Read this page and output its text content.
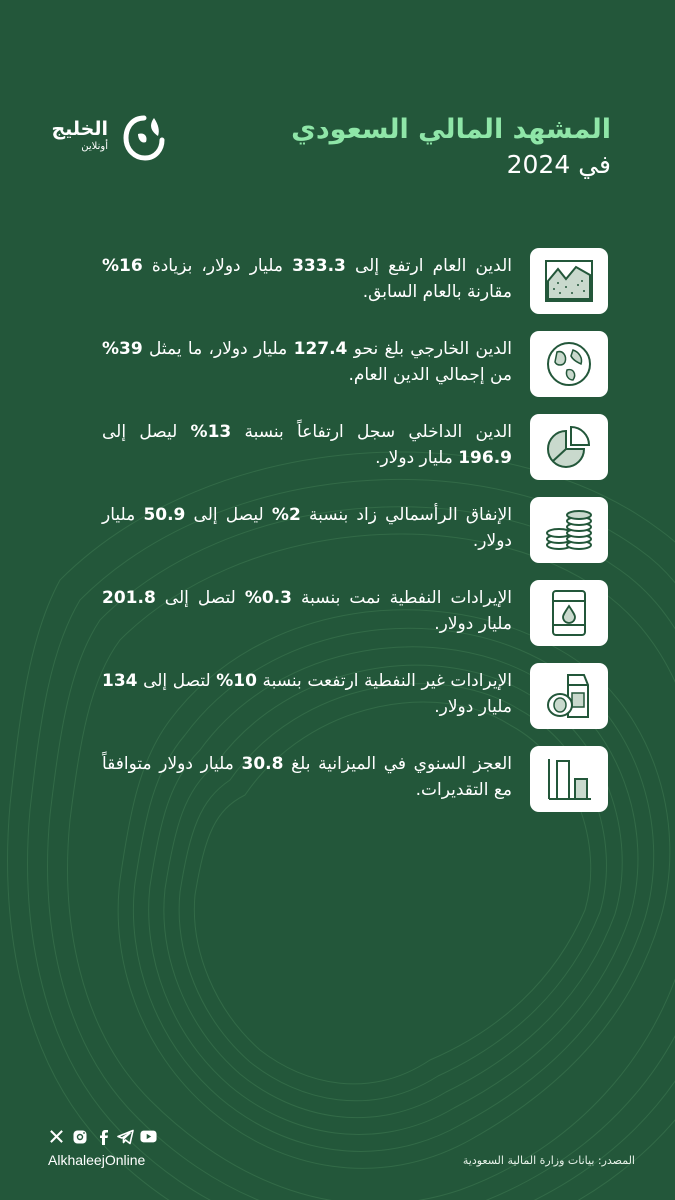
الخليج
أونلاين
المشهد المالي السعودي
في 2024
الدين العام ارتفع إلى 333.3 مليار دولار، بزيادة 16% مقارنة بالعام السابق.
الدين الخارجي بلغ نحو 127.4 مليار دولار، ما يمثل 39% من إجمالي الدين العام.
الدين الداخلي سجل ارتفاعاً بنسبة 13% ليصل إلى 196.9 مليار دولار.
الإنفاق الرأسمالي زاد بنسبة 2% ليصل إلى 50.9 مليار دولار.
الإيرادات النفطية نمت بنسبة 0.3% لتصل إلى 201.8 مليار دولار.
الإيرادات غير النفطية ارتفعت بنسبة 10% لتصل إلى 134 مليار دولار.
العجز السنوي في الميزانية بلغ 30.8 مليار دولار متوافقاً مع التقديرات.
AlkhaleejOnline	المصدر: بيانات وزارة المالية السعودية
